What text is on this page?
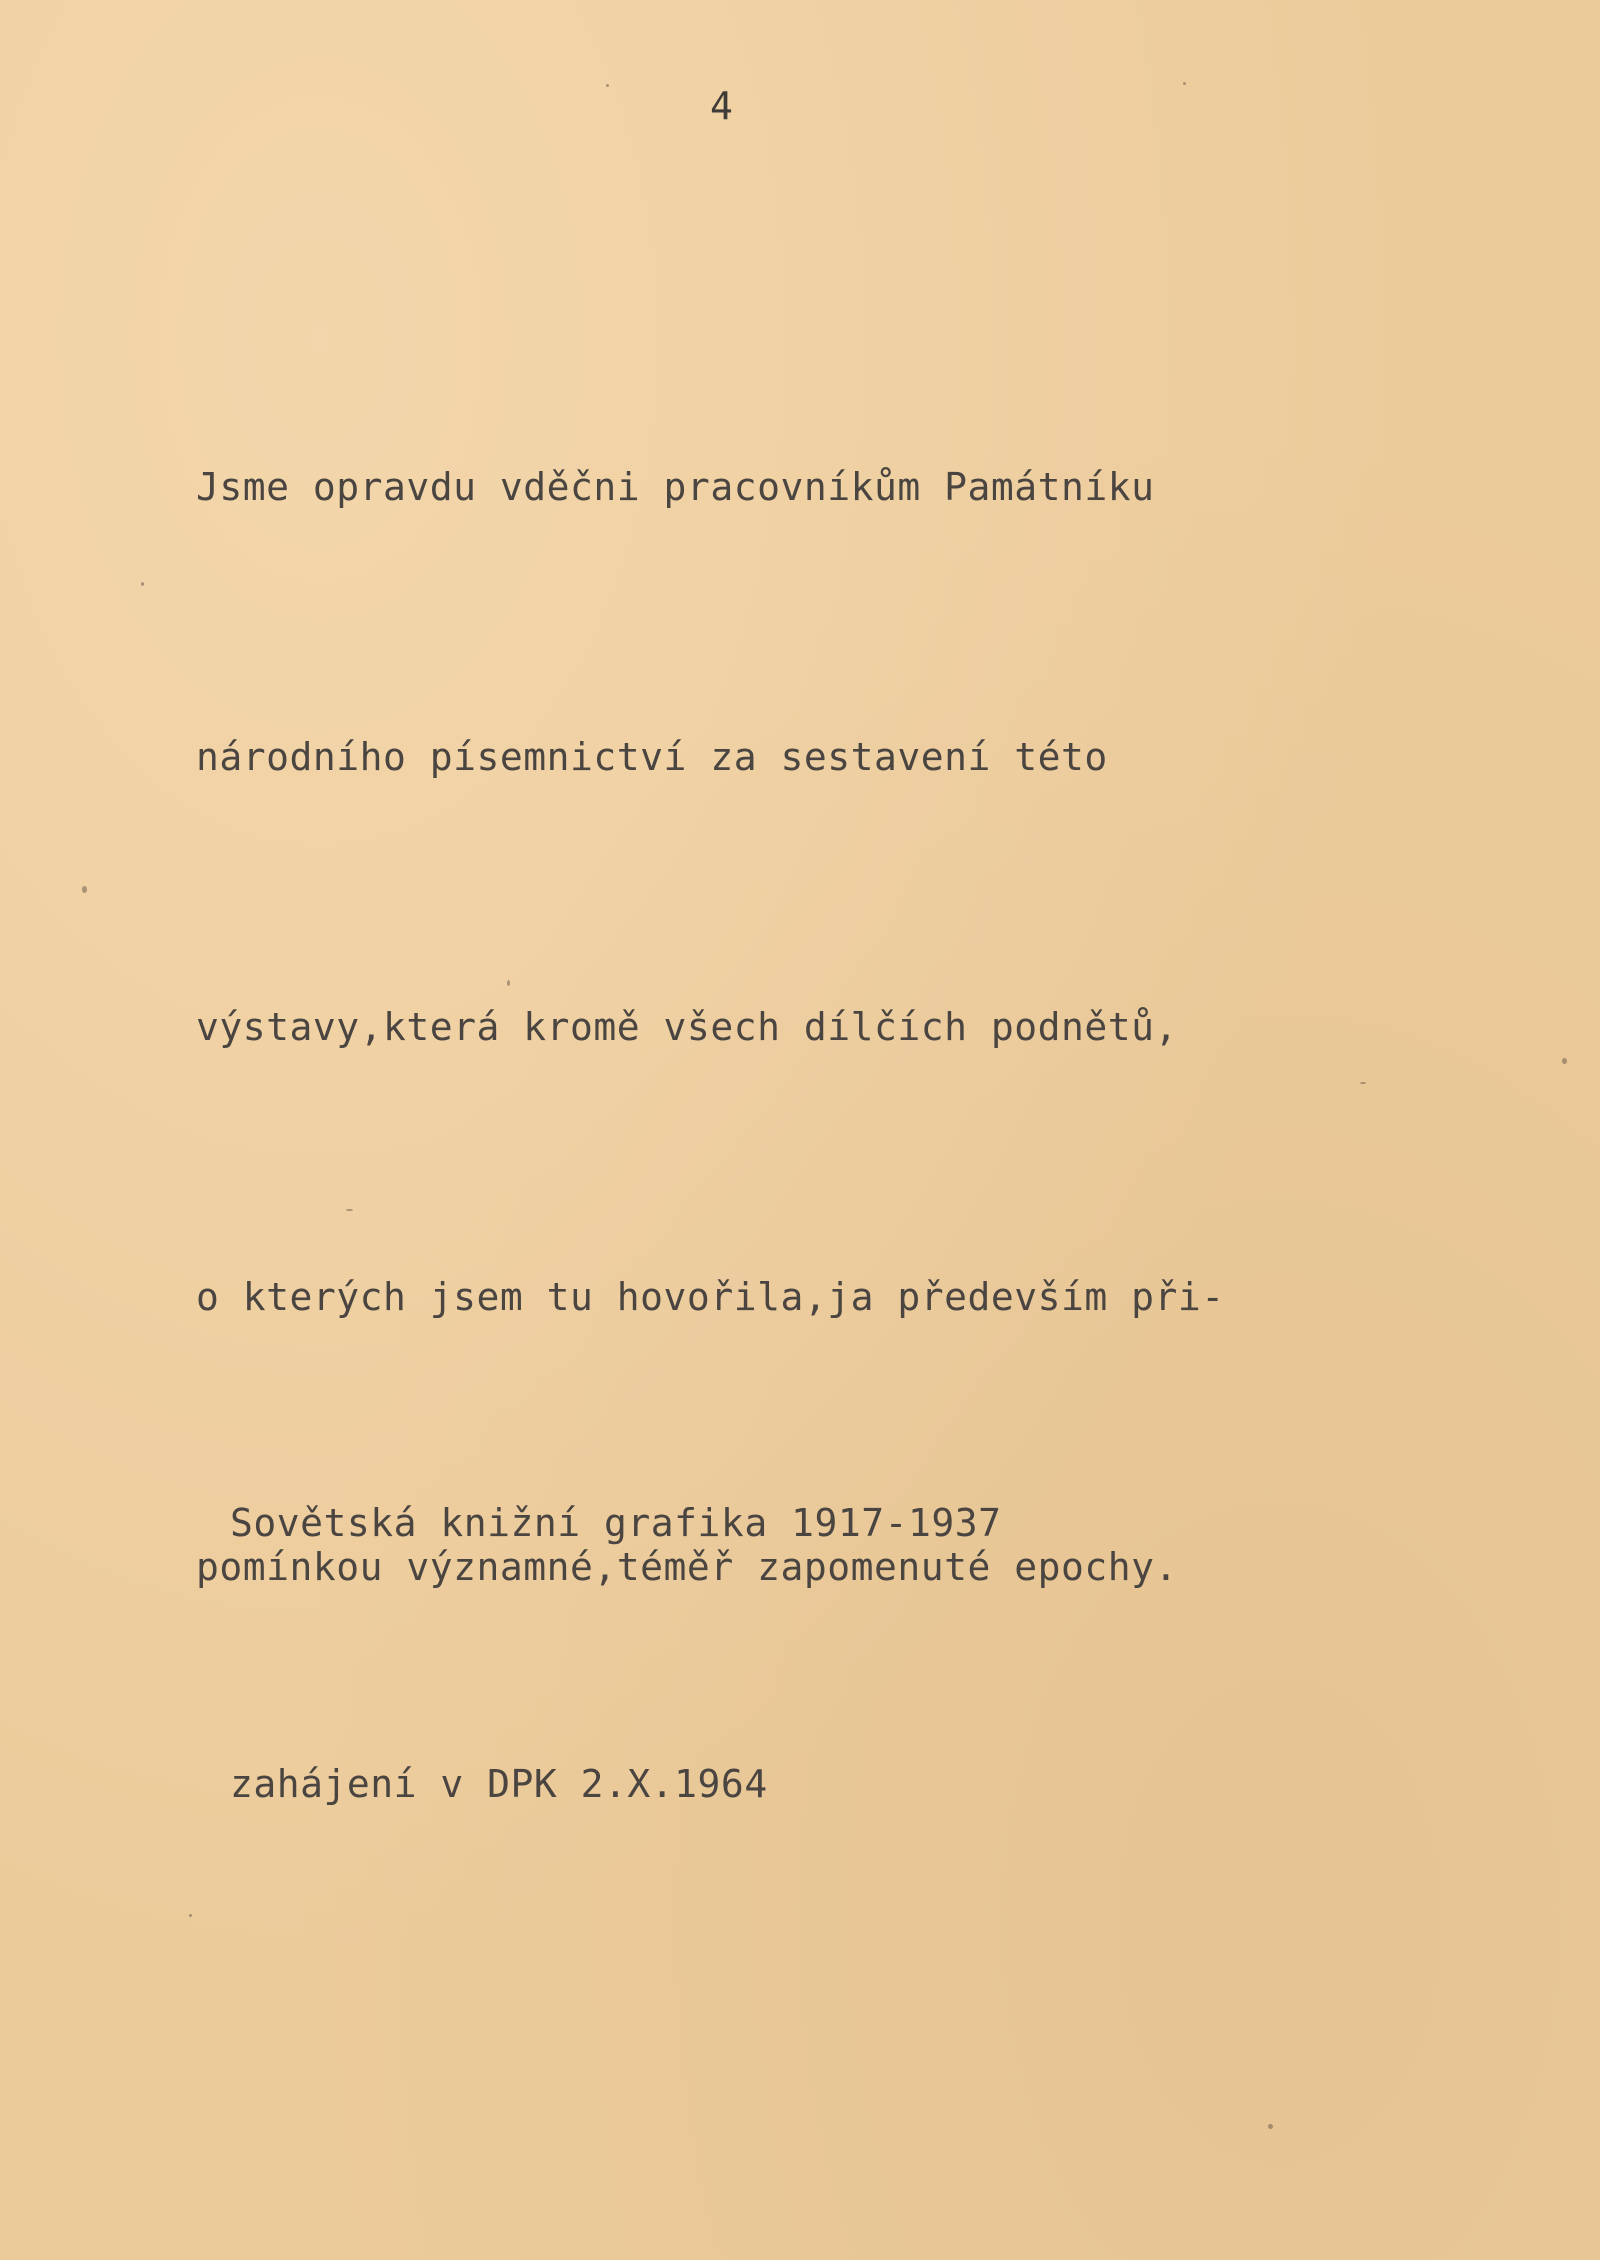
4

Jsme opravdu vděčni pracovníkům Památníku

národního písemnictví za sestavení této

výstavy,která kromě všech dílčích podnětů,

o kterých jsem tu hovořila,ja především při-

pomínkou významné,téměř zapomenuté epochy.

Sovětská knižní grafika 1917-1937

zahájení v DPK 2.X.1964
